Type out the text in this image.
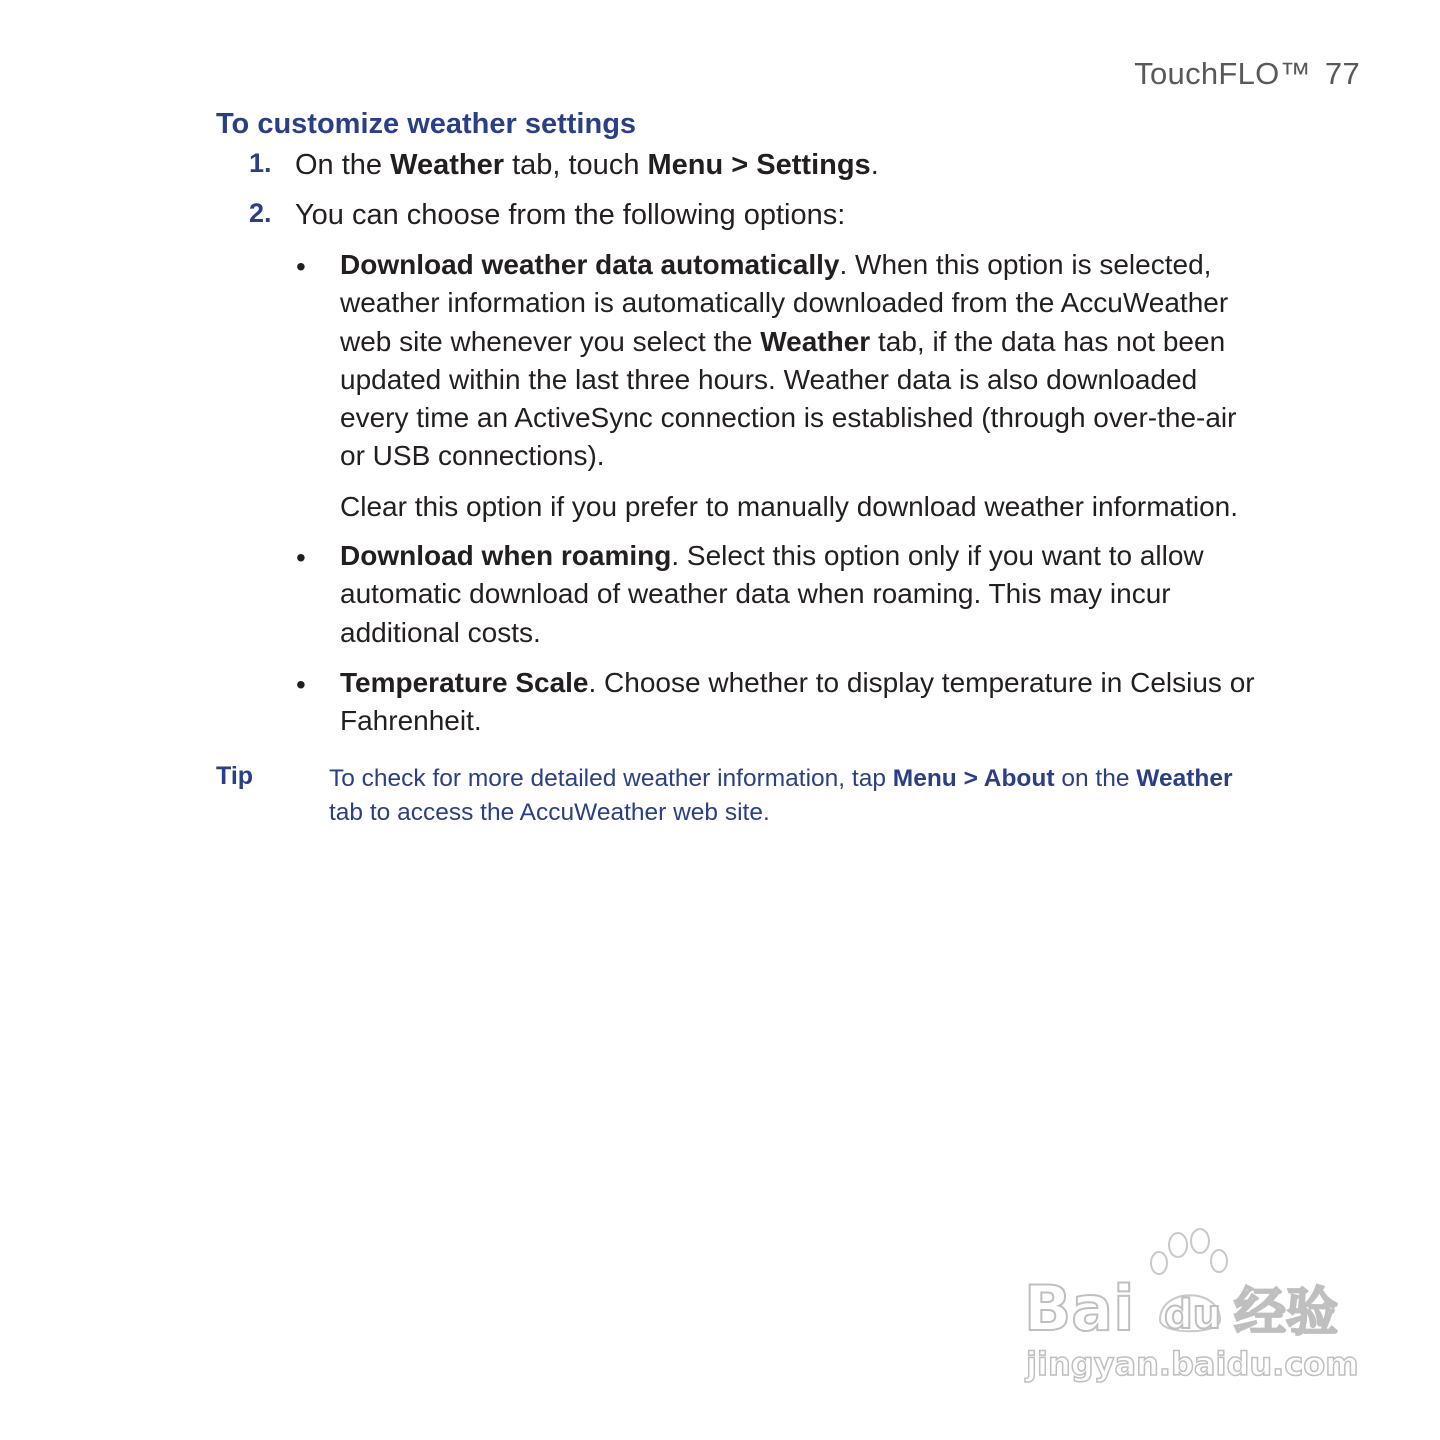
TouchFLO™ 77
To customize weather settings
1. On the Weather tab, touch Menu > Settings.
2. You can choose from the following options:
• Download weather data automatically. When this option is selected,
weather information is automatically downloaded from the AccuWeather
web site whenever you select the Weather tab, if the data has not been
updated within the last three hours. Weather data is also downloaded
every time an ActiveSync connection is established (through over-the-air
or USB connections).
Clear this option if you prefer to manually download weather information.
• Download when roaming. Select this option only if you want to allow
automatic download of weather data when roaming. This may incur
additional costs.
• Temperature Scale. Choose whether to display temperature in Celsius or
Fahrenheit.
Tip	To check for more detailed weather information, tap Menu > About on the Weather
tab to access the AccuWeather web site.
Bai du 经验
jingyan.baidu.com
